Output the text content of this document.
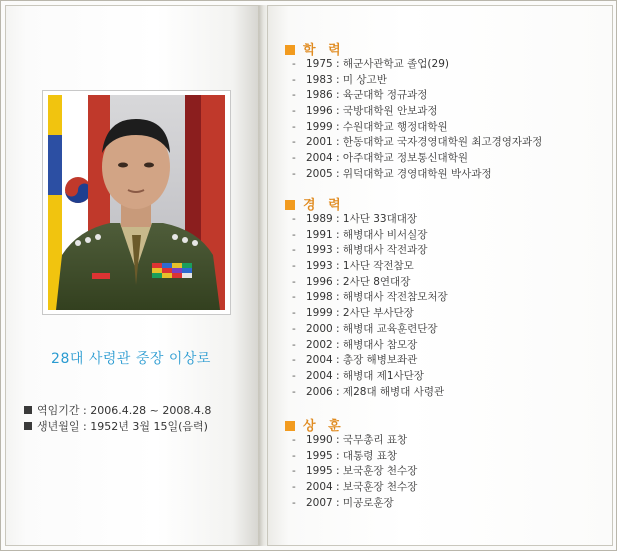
28대 사령관 중장 이상로
역임기간 : 2006.4.28 ~ 2008.4.8
생년월일 : 1952년 3월 15일(음력)
학 력
- 1975 : 해군사관학교 졸업(29)
- 1983 : 미 상고반
- 1986 : 육군대학 정규과정
- 1996 : 국방대학원 안보과정
- 1999 : 수원대학교 행정대학원
- 2001 : 한동대학교 국자경영대학원 최고경영자과정
- 2004 : 아주대학교 정보통신대학원
- 2005 : 위덕대학교 경영대학원 박사과정
경 력
- 1989 : 1사단 33대대장
- 1991 : 해병대사 비서실장
- 1993 : 해병대사 작전과장
- 1993 : 1사단 작전참모
- 1996 : 2사단 8연대장
- 1998 : 해병대사 작전참모처장
- 1999 : 2사단 부사단장
- 2000 : 해병대 교육훈련단장
- 2002 : 해병대사 참모장
- 2004 : 총장 해병보좌관
- 2004 : 해병대 제1사단장
- 2006 : 제28대 해병대 사령관
상 훈
- 1990 : 국무총리 표창
- 1995 : 대통령 표창
- 1995 : 보국훈장 천수장
- 2004 : 보국훈장 천수장
- 2007 : 미공로훈장
